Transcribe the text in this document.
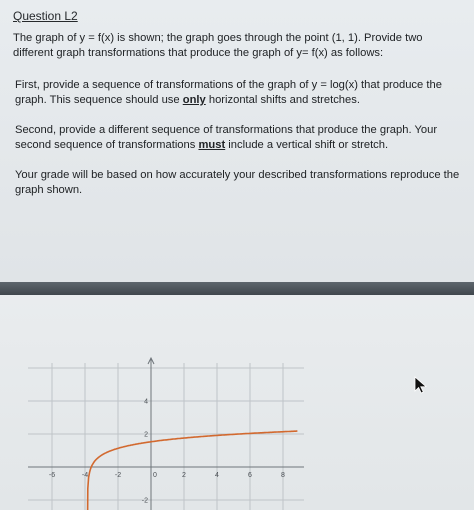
Question L2
The graph of y = f(x) is shown; the graph goes through the point (1, 1). Provide two different graph transformations that produce the graph of y= f(x) as follows:
First, provide a sequence of transformations of the graph of y = log(x) that produce the graph. This sequence should use only horizontal shifts and stretches.
Second, provide a different sequence of transformations that produce the graph. Your second sequence of transformations must include a vertical shift or stretch.
Your grade will be based on how accurately your described transformations reproduce the graph shown.
-6	-4	-2	0	2	4	6	8
4
2
-2
